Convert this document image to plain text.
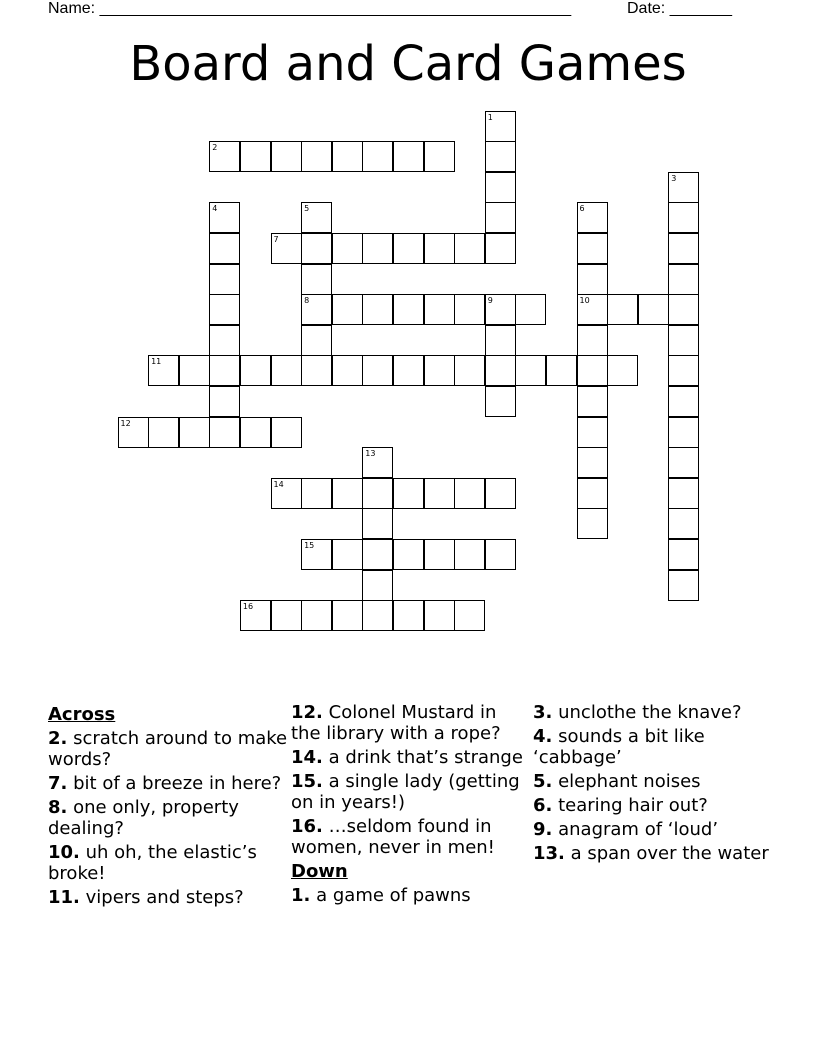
Name: _____________________________________________________	Date: _______
Board and Card Games
2
7
8	9	10
11
12
14
15
16
1
3
4	5	6
13
Across
2. scratch around to make words?
7. bit of a breeze in here?
8. one only, property dealing?
10. uh oh, the elastic’s broke!
11. vipers and steps?
12. Colonel Mustard in the library with a rope?
14. a drink that’s strange
15. a single lady (getting on in years!)
16. …seldom found in women, never in men!
Down
1. a game of pawns
3. unclothe the knave?
4. sounds a bit like ‘cabbage’
5. elephant noises
6. tearing hair out?
9. anagram of ‘loud’
13. a span over the water
